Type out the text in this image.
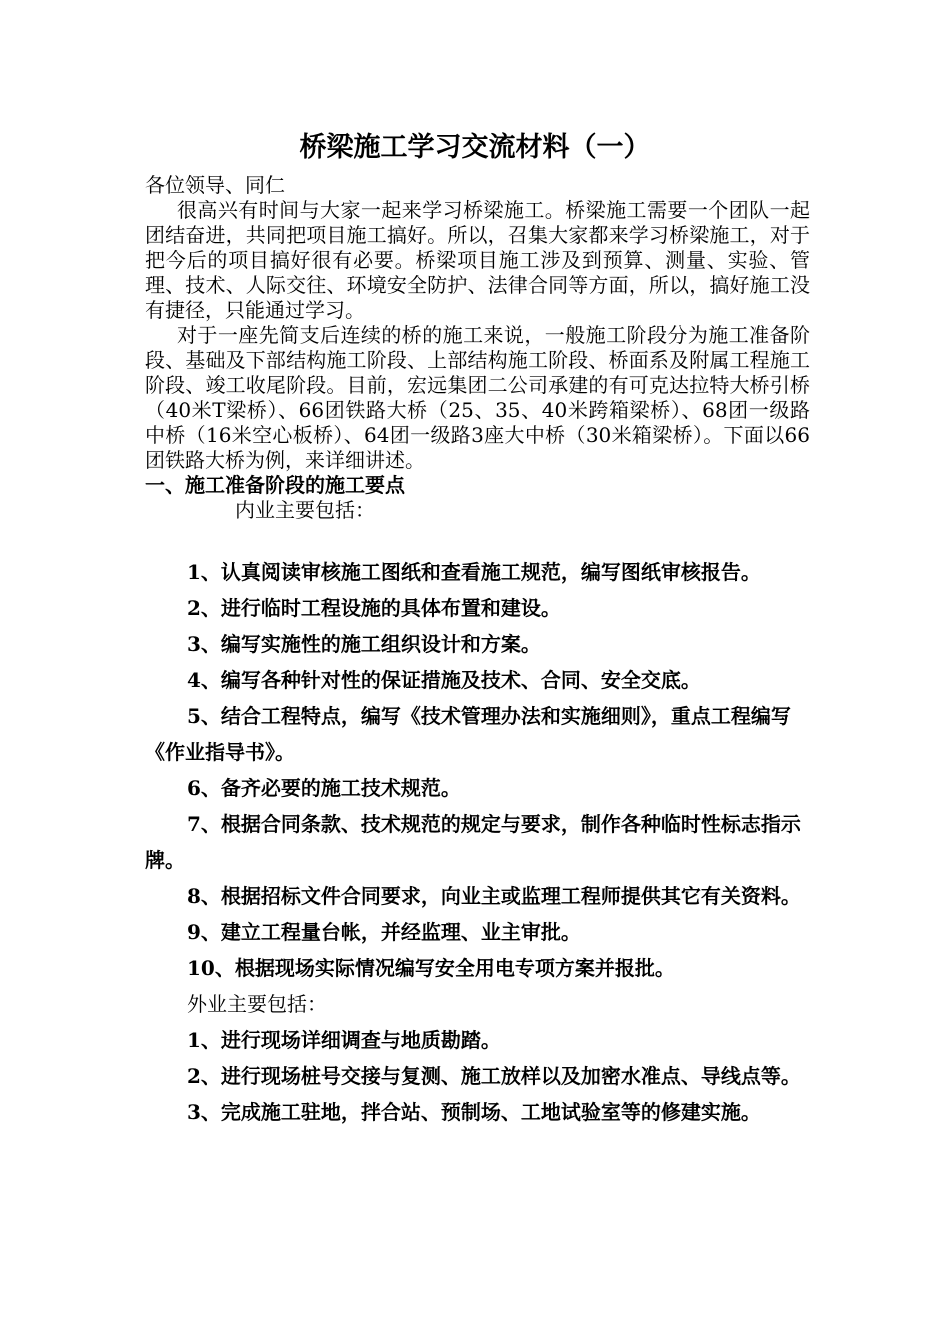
桥梁施工学习交流材料（一）

各位领导、同仁

很高兴有时间与大家一起来学习桥梁施工。桥梁施工需要一个团队一起团结奋进，共同把项目施工搞好。所以，召集大家都来学习桥梁施工，对于把今后的项目搞好很有必要。桥梁项目施工涉及到预算、测量、实验、管理、技术、人际交往、环境安全防护、法律合同等方面，所以，搞好施工没有捷径，只能通过学习。

对于一座先简支后连续的桥的施工来说，一般施工阶段分为施工准备阶段、基础及下部结构施工阶段、上部结构施工阶段、桥面系及附属工程施工阶段、竣工收尾阶段。目前，宏远集团二公司承建的有可克达拉特大桥引桥（40米T梁桥）、66团铁路大桥（25、35、40米跨箱梁桥）、68团一级路中桥（16米空心板桥）、64团一级路3座大中桥（30米箱梁桥）。下面以66团铁路大桥为例，来详细讲述。

一、施工准备阶段的施工要点

内业主要包括：

1、认真阅读审核施工图纸和查看施工规范，编写图纸审核报告。

2、进行临时工程设施的具体布置和建设。

3、编写实施性的施工组织设计和方案。

4、编写各种针对性的保证措施及技术、合同、安全交底。

5、结合工程特点，编写《技术管理办法和实施细则》，重点工程编写《作业指导书》。

6、备齐必要的施工技术规范。

7、根据合同条款、技术规范的规定与要求，制作各种临时性标志指示牌。

8、根据招标文件合同要求，向业主或监理工程师提供其它有关资料。

9、建立工程量台帐，并经监理、业主审批。

10、根据现场实际情况编写安全用电专项方案并报批。

外业主要包括：

1、进行现场详细调查与地质勘踏。

2、进行现场桩号交接与复测、施工放样以及加密水准点、导线点等。

3、完成施工驻地，拌合站、预制场、工地试验室等的修建实施。
